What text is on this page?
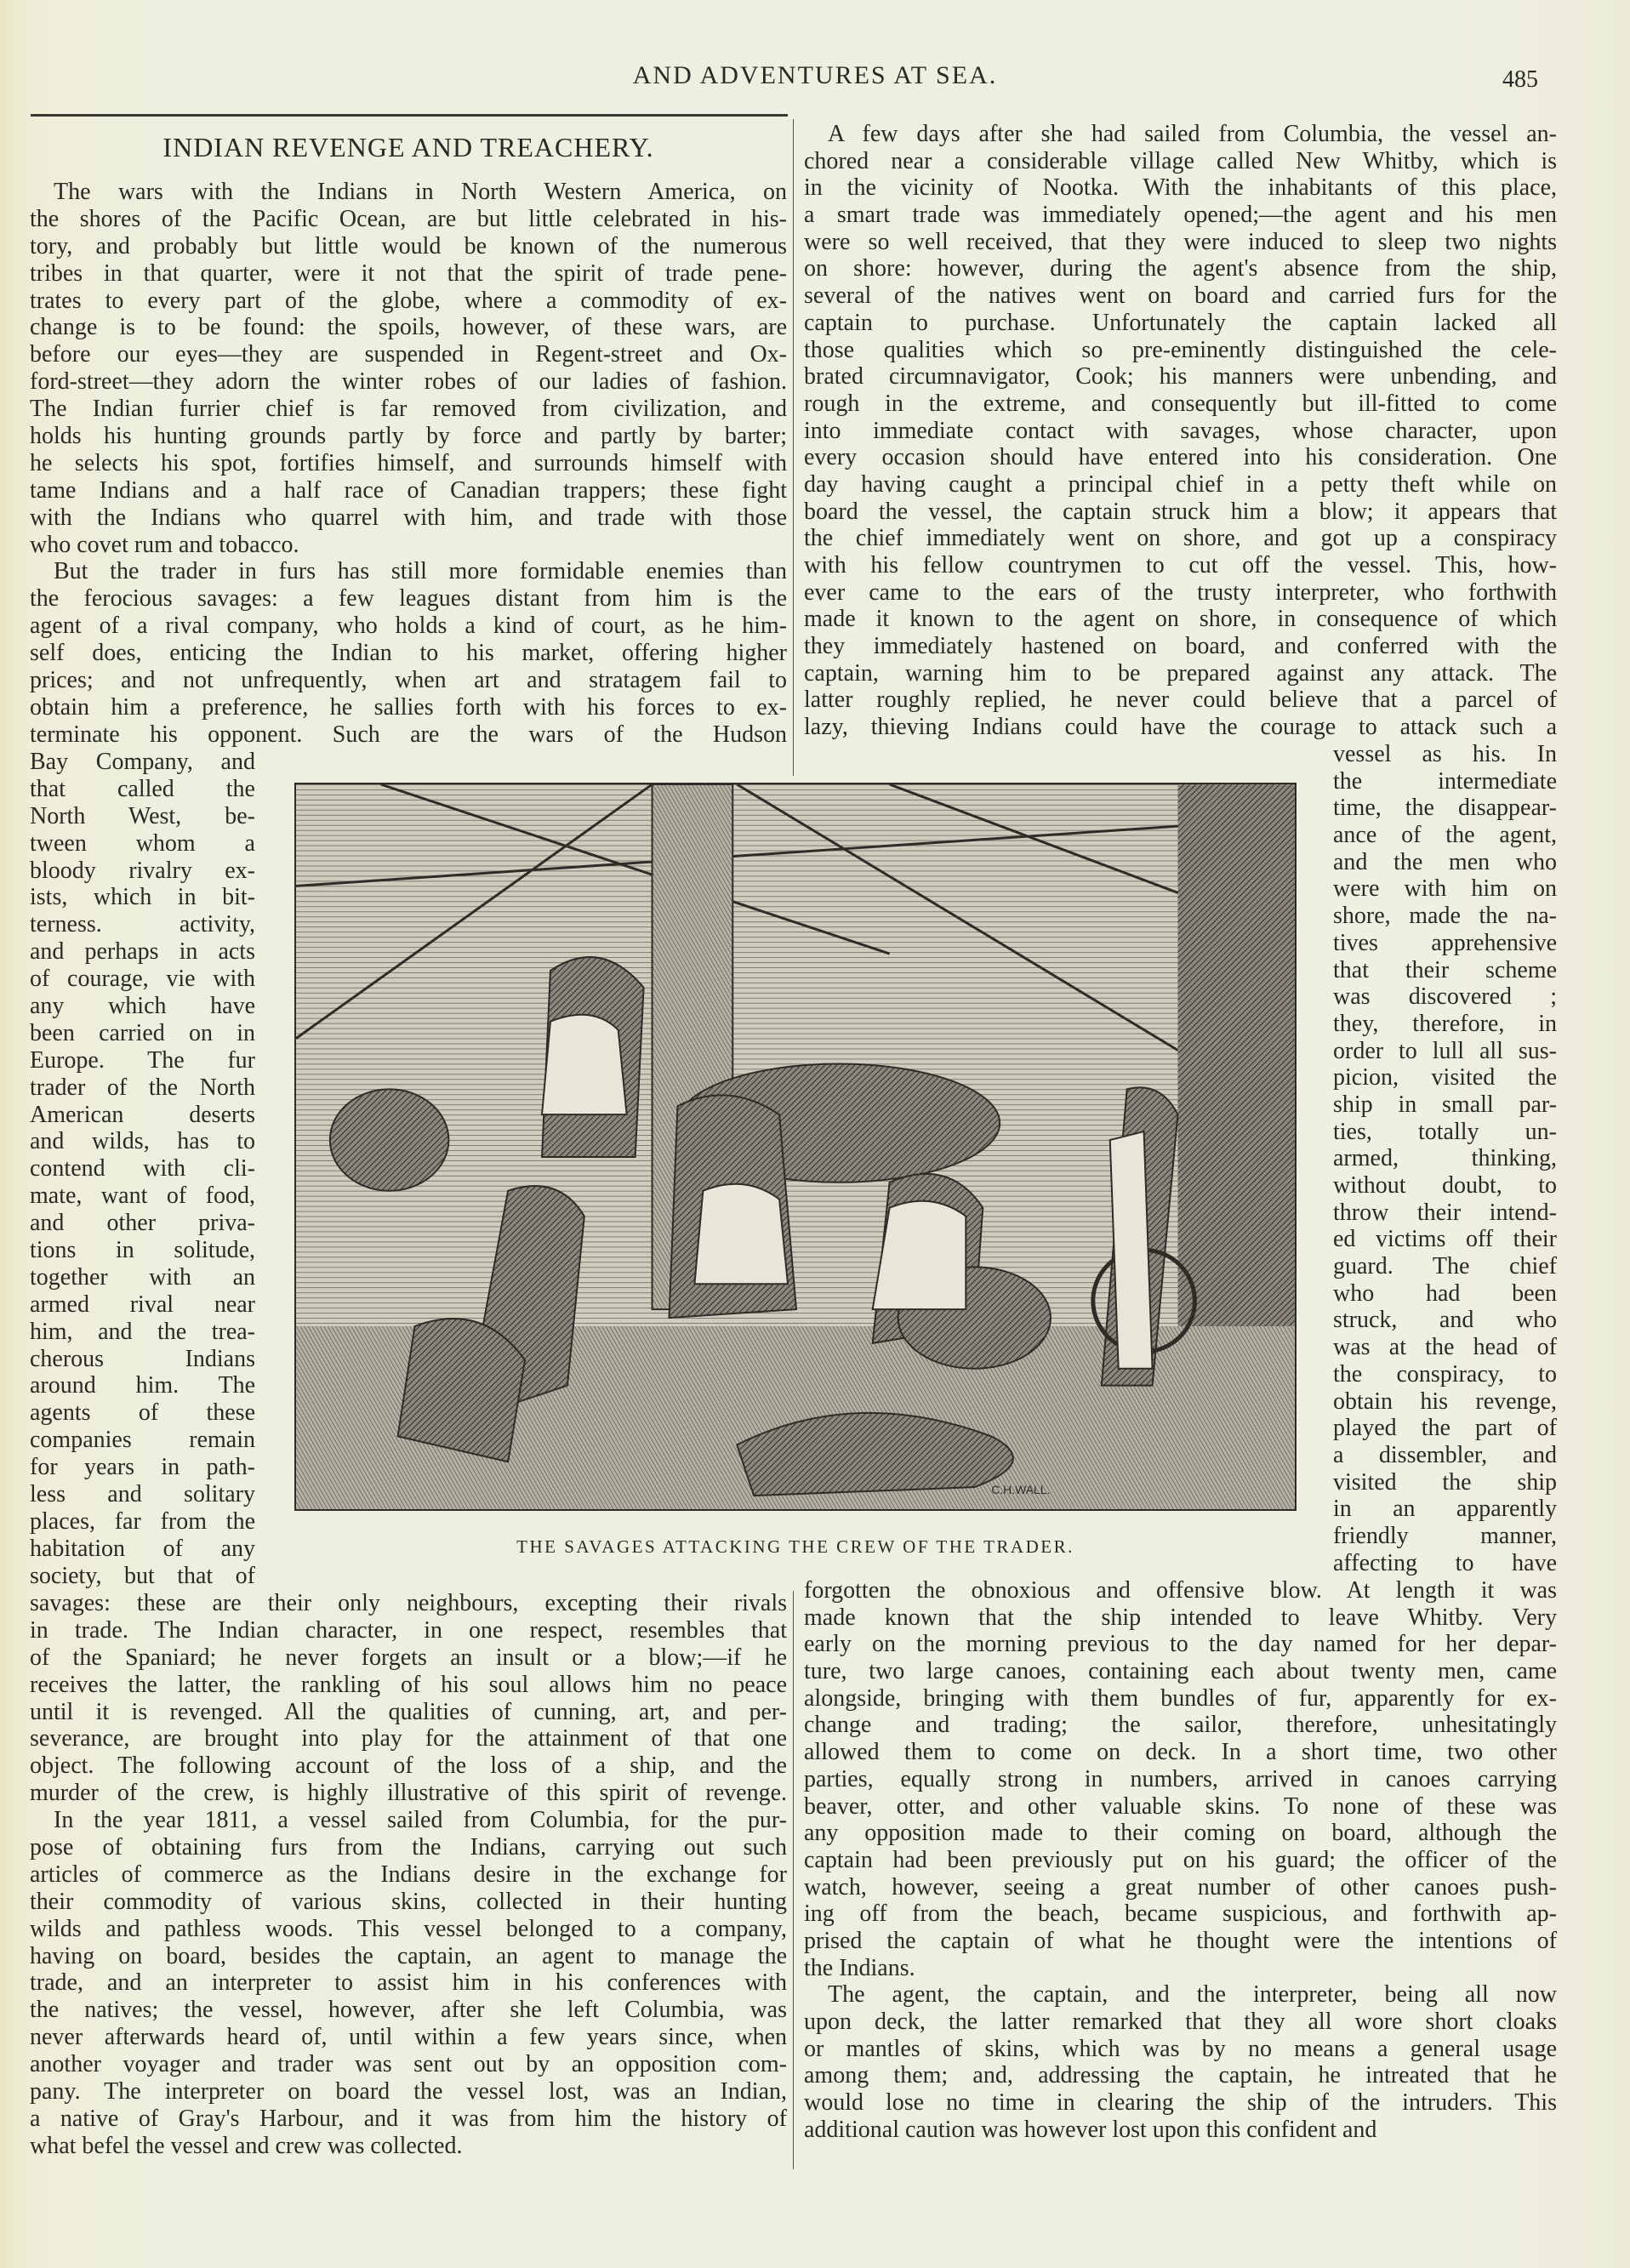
AND ADVENTURES AT SEA.	485
INDIAN REVENGE AND TREACHERY.
The wars with the Indians in North Western America, on
the shores of the Pacific Ocean, are but little celebrated in his-
tory, and probably but little would be known of the numerous
tribes in that quarter, were it not that the spirit of trade pene-
trates to every part of the globe, where a commodity of ex-
change is to be found: the spoils, however, of these wars, are
before our eyes—they are suspended in Regent-street and Ox-
ford-street—they adorn the winter robes of our ladies of fashion.
The Indian furrier chief is far removed from civilization, and
holds his hunting grounds partly by force and partly by barter;
he selects his spot, fortifies himself, and surrounds himself with
tame Indians and a half race of Canadian trappers; these fight
with the Indians who quarrel with him, and trade with those
who covet rum and tobacco.
But the trader in furs has still more formidable enemies than
the ferocious savages: a few leagues distant from him is the
agent of a rival company, who holds a kind of court, as he him-
self does, enticing the Indian to his market, offering higher
prices; and not unfrequently, when art and stratagem fail to
obtain him a preference, he sallies forth with his forces to ex-
terminate his opponent. Such are the wars of the Hudson
Bay Company, and
that called the
North West, be-
tween whom a
bloody rivalry ex-
ists, which in bit-
terness. activity,
and perhaps in acts
of courage, vie with
any which have
been carried on in
Europe. The fur
trader of the North
American deserts
and wilds, has to
contend with cli-
mate, want of food,
and other priva-
tions in solitude,
together with an
armed rival near
him, and the trea-
cherous Indians
around him. The
agents of these
companies remain
for years in path-
less and solitary
places, far from the
habitation of any
society, but that of
savages: these are their only neighbours, excepting their rivals
in trade. The Indian character, in one respect, resembles that
of the Spaniard; he never forgets an insult or a blow;—if he
receives the latter, the rankling of his soul allows him no peace
until it is revenged. All the qualities of cunning, art, and per-
severance, are brought into play for the attainment of that one
object. The following account of the loss of a ship, and the
murder of the crew, is highly illustrative of this spirit of revenge.
In the year 1811, a vessel sailed from Columbia, for the pur-
pose of obtaining furs from the Indians, carrying out such
articles of commerce as the Indians desire in the exchange for
their commodity of various skins, collected in their hunting
wilds and pathless woods. This vessel belonged to a company,
having on board, besides the captain, an agent to manage the
trade, and an interpreter to assist him in his conferences with
the natives; the vessel, however, after she left Columbia, was
never afterwards heard of, until within a few years since, when
another voyager and trader was sent out by an opposition com-
pany. The interpreter on board the vessel lost, was an Indian,
a native of Gray's Harbour, and it was from him the history of
what befel the vessel and crew was collected.
A few days after she had sailed from Columbia, the vessel an-
chored near a considerable village called New Whitby, which is
in the vicinity of Nootka. With the inhabitants of this place,
a smart trade was immediately opened;—the agent and his men
were so well received, that they were induced to sleep two nights
on shore: however, during the agent's absence from the ship,
several of the natives went on board and carried furs for the
captain to purchase. Unfortunately the captain lacked all
those qualities which so pre-eminently distinguished the cele-
brated circumnavigator, Cook; his manners were unbending, and
rough in the extreme, and consequently but ill-fitted to come
into immediate contact with savages, whose character, upon
every occasion should have entered into his consideration. One
day having caught a principal chief in a petty theft while on
board the vessel, the captain struck him a blow; it appears that
the chief immediately went on shore, and got up a conspiracy
with his fellow countrymen to cut off the vessel. This, how-
ever came to the ears of the trusty interpreter, who forthwith
made it known to the agent on shore, in consequence of which
they immediately hastened on board, and conferred with the
captain, warning him to be prepared against any attack. The
latter roughly replied, he never could believe that a parcel of
lazy, thieving Indians could have the courage to attack such a
vessel as his. In
the intermediate
time, the disappear-
ance of the agent,
and the men who
were with him on
shore, made the na-
tives apprehensive
that their scheme
was discovered ;
they, therefore, in
order to lull all sus-
picion, visited the
ship in small par-
ties, totally un-
armed, thinking,
without doubt, to
throw their intend-
ed victims off their
guard. The chief
who had been
struck, and who
was at the head of
the conspiracy, to
obtain his revenge,
played the part of
a dissembler, and
visited the ship
in an apparently
friendly manner,
affecting to have
forgotten the obnoxious and offensive blow. At length it was
made known that the ship intended to leave Whitby. Very
early on the morning previous to the day named for her depar-
ture, two large canoes, containing each about twenty men, came
alongside, bringing with them bundles of fur, apparently for ex-
change and trading; the sailor, therefore, unhesitatingly
allowed them to come on deck. In a short time, two other
parties, equally strong in numbers, arrived in canoes carrying
beaver, otter, and other valuable skins. To none of these was
any opposition made to their coming on board, although the
captain had been previously put on his guard; the officer of the
watch, however, seeing a great number of other canoes push-
ing off from the beach, became suspicious, and forthwith ap-
prised the captain of what he thought were the intentions of
the Indians.
The agent, the captain, and the interpreter, being all now
upon deck, the latter remarked that they all wore short cloaks
or mantles of skins, which was by no means a general usage
among them; and, addressing the captain, he intreated that he
would lose no time in clearing the ship of the intruders. This
additional caution was however lost upon this confident and
C.H.WALL.
THE SAVAGES ATTACKING THE CREW OF THE TRADER.
